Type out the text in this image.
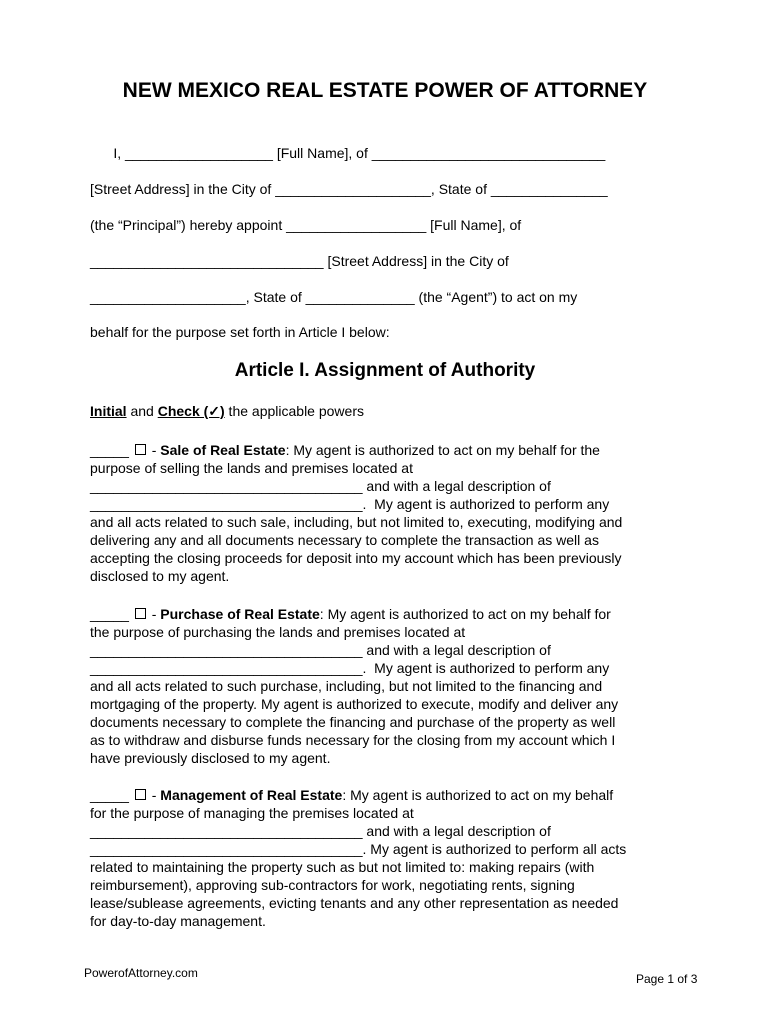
NEW MEXICO REAL ESTATE POWER OF ATTORNEY
I, ___________________ [Full Name], of ______________________________
[Street Address] in the City of ____________________, State of _______________
(the “Principal”) hereby appoint __________________ [Full Name], of
______________________________ [Street Address] in the City of
____________________, State of ______________ (the “Agent”) to act on my
behalf for the purpose set forth in Article I below:
Article I. Assignment of Authority
Initial and Check (✓) the applicable powers
_____  - Sale of Real Estate: My agent is authorized to act on my behalf for the
purpose of selling the lands and premises located at
___________________________________ and with a legal description of
___________________________________.  My agent is authorized to perform any
and all acts related to such sale, including, but not limited to, executing, modifying and
delivering any and all documents necessary to complete the transaction as well as
accepting the closing proceeds for deposit into my account which has been previously
disclosed to my agent.
_____  - Purchase of Real Estate: My agent is authorized to act on my behalf for
the purpose of purchasing the lands and premises located at
___________________________________ and with a legal description of
___________________________________.  My agent is authorized to perform any
and all acts related to such purchase, including, but not limited to the financing and
mortgaging of the property. My agent is authorized to execute, modify and deliver any
documents necessary to complete the financing and purchase of the property as well
as to withdraw and disburse funds necessary for the closing from my account which I
have previously disclosed to my agent.
_____  - Management of Real Estate: My agent is authorized to act on my behalf
for the purpose of managing the premises located at
___________________________________ and with a legal description of
___________________________________. My agent is authorized to perform all acts
related to maintaining the property such as but not limited to: making repairs (with
reimbursement), approving sub-contractors for work, negotiating rents, signing
lease/sublease agreements, evicting tenants and any other representation as needed
for day-to-day management.
PowerofAttorney.com	Page 1 of 3
